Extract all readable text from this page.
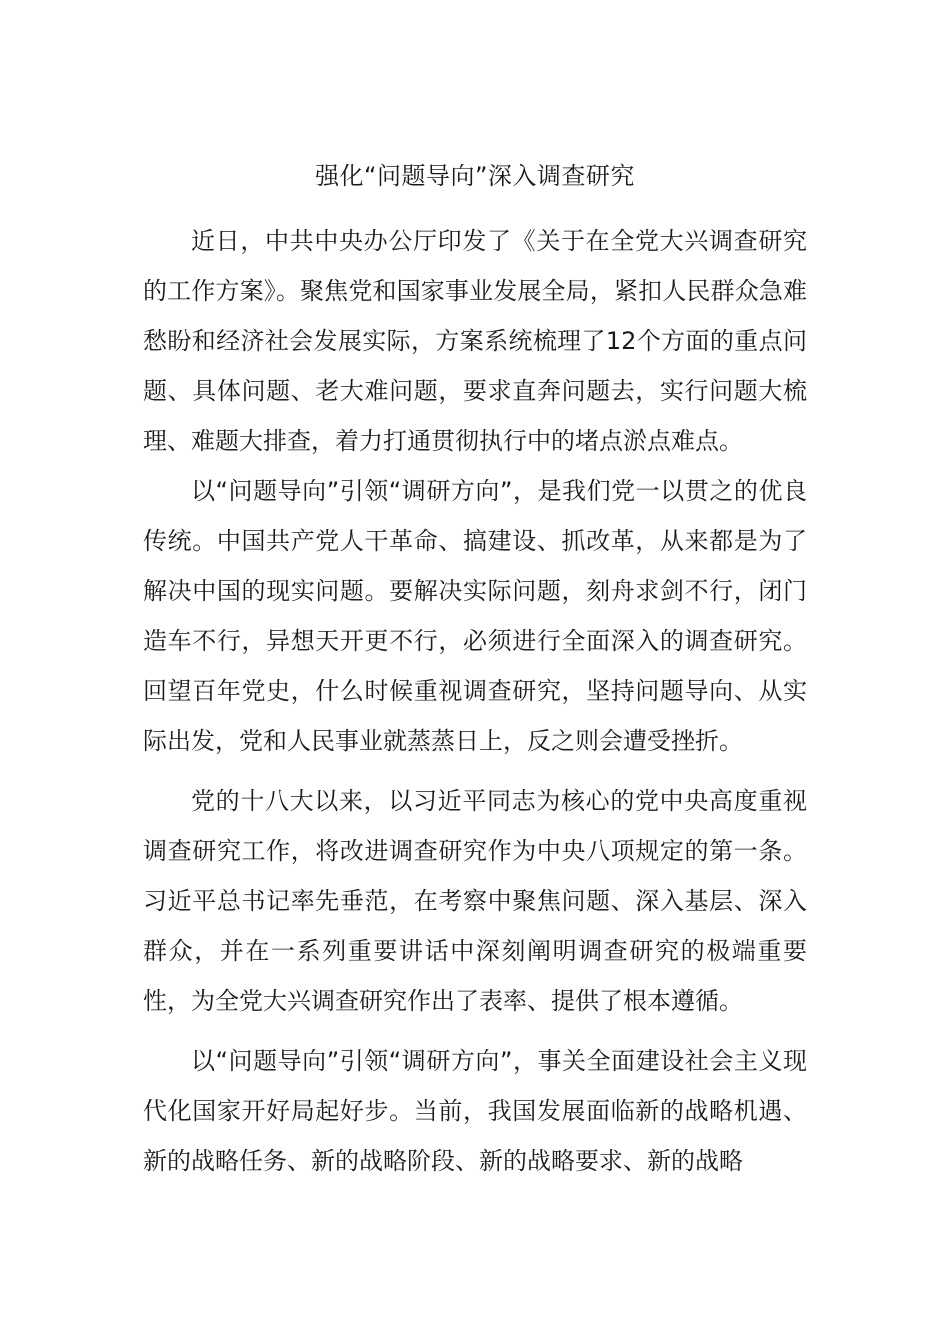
强化“问题导向”深入调查研究

近日，中共中央办公厅印发了《关于在全党大兴调查研究的工作方案》。聚焦党和国家事业发展全局，紧扣人民群众急难愁盼和经济社会发展实际，方案系统梳理了12个方面的重点问题、具体问题、老大难问题，要求直奔问题去，实行问题大梳理、难题大排查，着力打通贯彻执行中的堵点淤点难点。

以“问题导向”引领“调研方向”，是我们党一以贯之的优良传统。中国共产党人干革命、搞建设、抓改革，从来都是为了解决中国的现实问题。要解决实际问题，刻舟求剑不行，闭门造车不行，异想天开更不行，必须进行全面深入的调查研究。回望百年党史，什么时候重视调查研究，坚持问题导向、从实际出发，党和人民事业就蒸蒸日上，反之则会遭受挫折。

党的十八大以来，以习近平同志为核心的党中央高度重视调查研究工作，将改进调查研究作为中央八项规定的第一条。习近平总书记率先垂范，在考察中聚焦问题、深入基层、深入群众，并在一系列重要讲话中深刻阐明调查研究的极端重要性，为全党大兴调查研究作出了表率、提供了根本遵循。

以“问题导向”引领“调研方向”，事关全面建设社会主义现代化国家开好局起好步。当前，我国发展面临新的战略机遇、新的战略任务、新的战略阶段、新的战略要求、新的战略
